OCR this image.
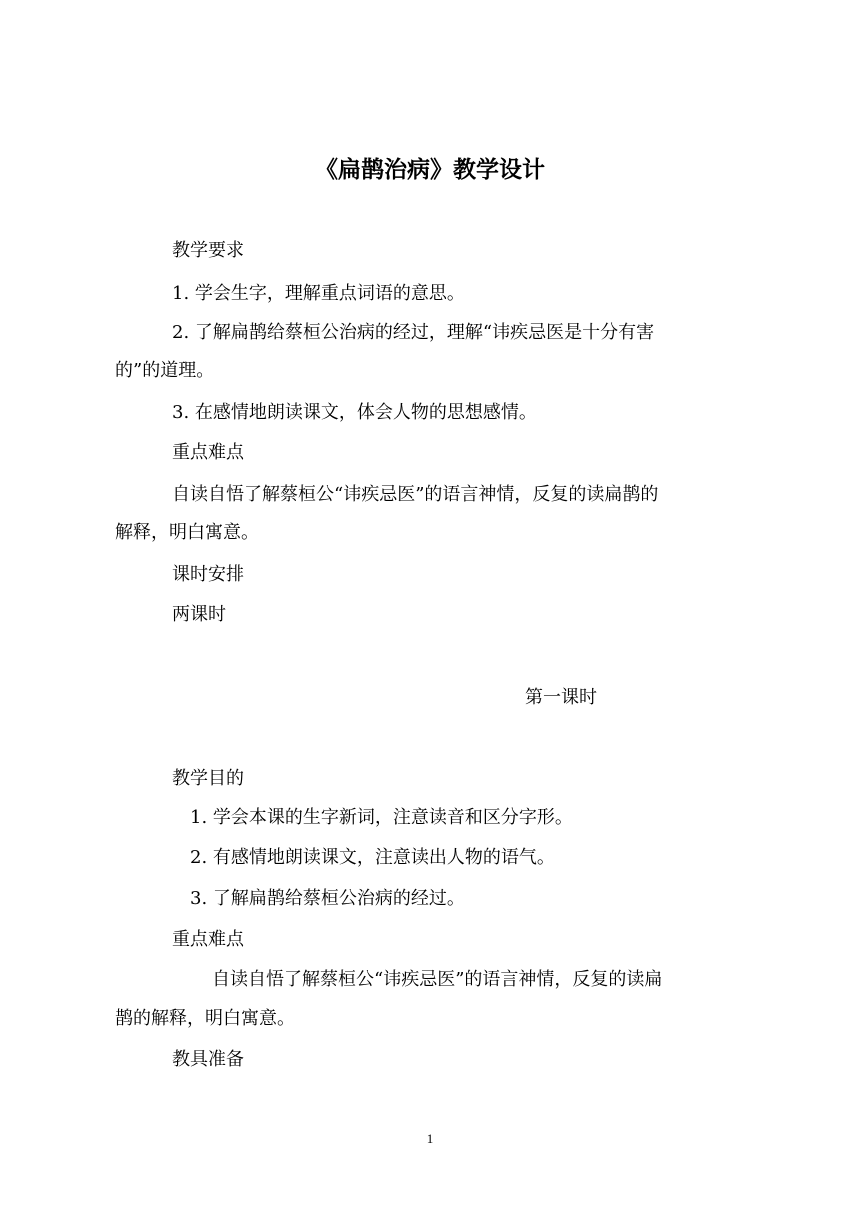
《扁鹊治病》教学设计
教学要求
1. 学会生字，理解重点词语的意思。
2. 了解扁鹊给蔡桓公治病的经过，理解“讳疾忌医是十分有害
的”的道理。
3. 在感情地朗读课文，体会人物的思想感情。
重点难点
自读自悟了解蔡桓公“讳疾忌医”的语言神情，反复的读扁鹊的
解释，明白寓意。
课时安排
两课时
第一课时
教学目的
1. 学会本课的生字新词，注意读音和区分字形。
2. 有感情地朗读课文，注意读出人物的语气。
3. 了解扁鹊给蔡桓公治病的经过。
重点难点
自读自悟了解蔡桓公“讳疾忌医”的语言神情，反复的读扁
鹊的解释，明白寓意。
教具准备
1
